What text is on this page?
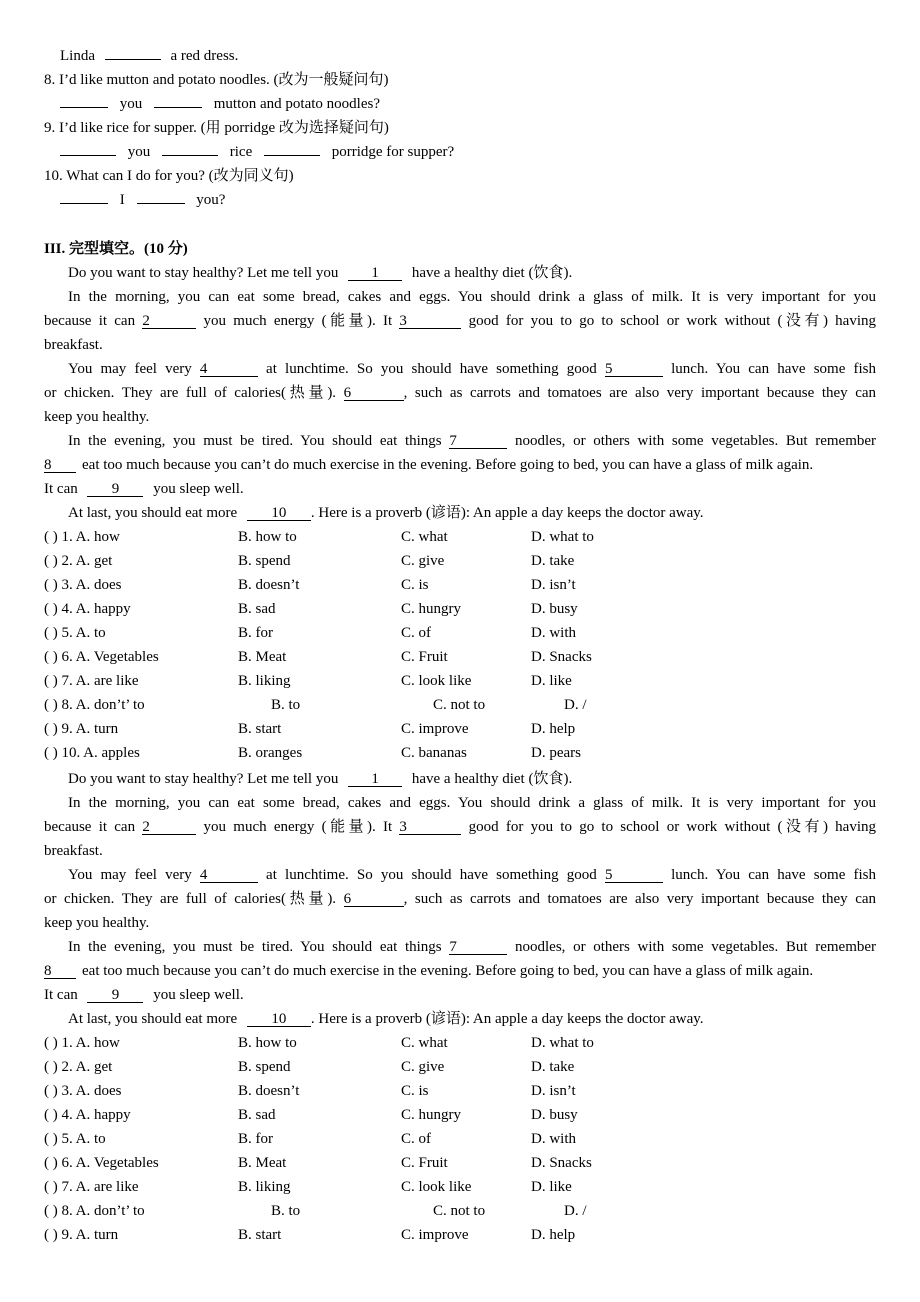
Linda	a red dress.
8. I’d like mutton and potato noodles. (改为一般疑问句)
you	mutton and potato noodles?
9. I’d like rice for supper. (用 porridge 改为选择疑问句)
you	rice	porridge for supper?
10. What can I do for you? (改为同义句)
I	you?
III. 完型填空。(10 分)
Do you want to stay healthy? Let me tell you 1 have a healthy diet (饮食).
In the morning, you can eat some bread, cakes and eggs. You should drink a glass of milk. It is very important for you
because it can 2	you much energy (能量). It 3	good for you to go to school or work without (没有) having
breakfast.
You may feel very 4	at lunchtime. So you should have something good 5	lunch. You can have some fish
or chicken. They are full of calories(热量). 6	, such as carrots and tomatoes are also very important because they can
keep you healthy.
In the evening, you must be tired. You should eat things 7	noodles, or others with some vegetables. But remember
8 eat too much because you can’t do much exercise in the evening. Before going to bed, you can have a glass of milk again.
It can 9 you sleep well.
At last, you should eat more 10 . Here is a proverb (谚语): An apple a day keeps the doctor away.
( ) 1. A. how	B. how to	C. what	D. what to
( ) 2. A. get	B. spend	C. give	D. take
( ) 3. A. does	B. doesn’t	C. is	D. isn’t
( ) 4. A. happy	B. sad	C. hungry	D. busy
( ) 5. A. to	B. for	C. of	D. with
( ) 6. A. Vegetables	B. Meat	C. Fruit	D. Snacks
( ) 7. A. are like	B. liking	C. look like	D. like
( ) 8. A. don’t’ to	B. to	C. not to	D. /
( ) 9. A. turn	B. start	C. improve	D. help
( ) 10. A. apples	B. oranges	C. bananas	D. pears
Do you want to stay healthy? Let me tell you 1 have a healthy diet (饮食).
In the morning, you can eat some bread, cakes and eggs. You should drink a glass of milk. It is very important for you
because it can 2	you much energy (能量). It 3	good for you to go to school or work without (没有) having
breakfast.
You may feel very 4	at lunchtime. So you should have something good 5	lunch. You can have some fish
or chicken. They are full of calories(热量). 6	, such as carrots and tomatoes are also very important because they can
keep you healthy.
In the evening, you must be tired. You should eat things 7	noodles, or others with some vegetables. But remember
8 eat too much because you can’t do much exercise in the evening. Before going to bed, you can have a glass of milk again.
It can 9 you sleep well.
At last, you should eat more 10 . Here is a proverb (谚语): An apple a day keeps the doctor away.
( ) 1. A. how	B. how to	C. what	D. what to
( ) 2. A. get	B. spend	C. give	D. take
( ) 3. A. does	B. doesn’t	C. is	D. isn’t
( ) 4. A. happy	B. sad	C. hungry	D. busy
( ) 5. A. to	B. for	C. of	D. with
( ) 6. A. Vegetables	B. Meat	C. Fruit	D. Snacks
( ) 7. A. are like	B. liking	C. look like	D. like
( ) 8. A. don’t’ to	B. to	C. not to	D. /
( ) 9. A. turn	B. start	C. improve	D. help
